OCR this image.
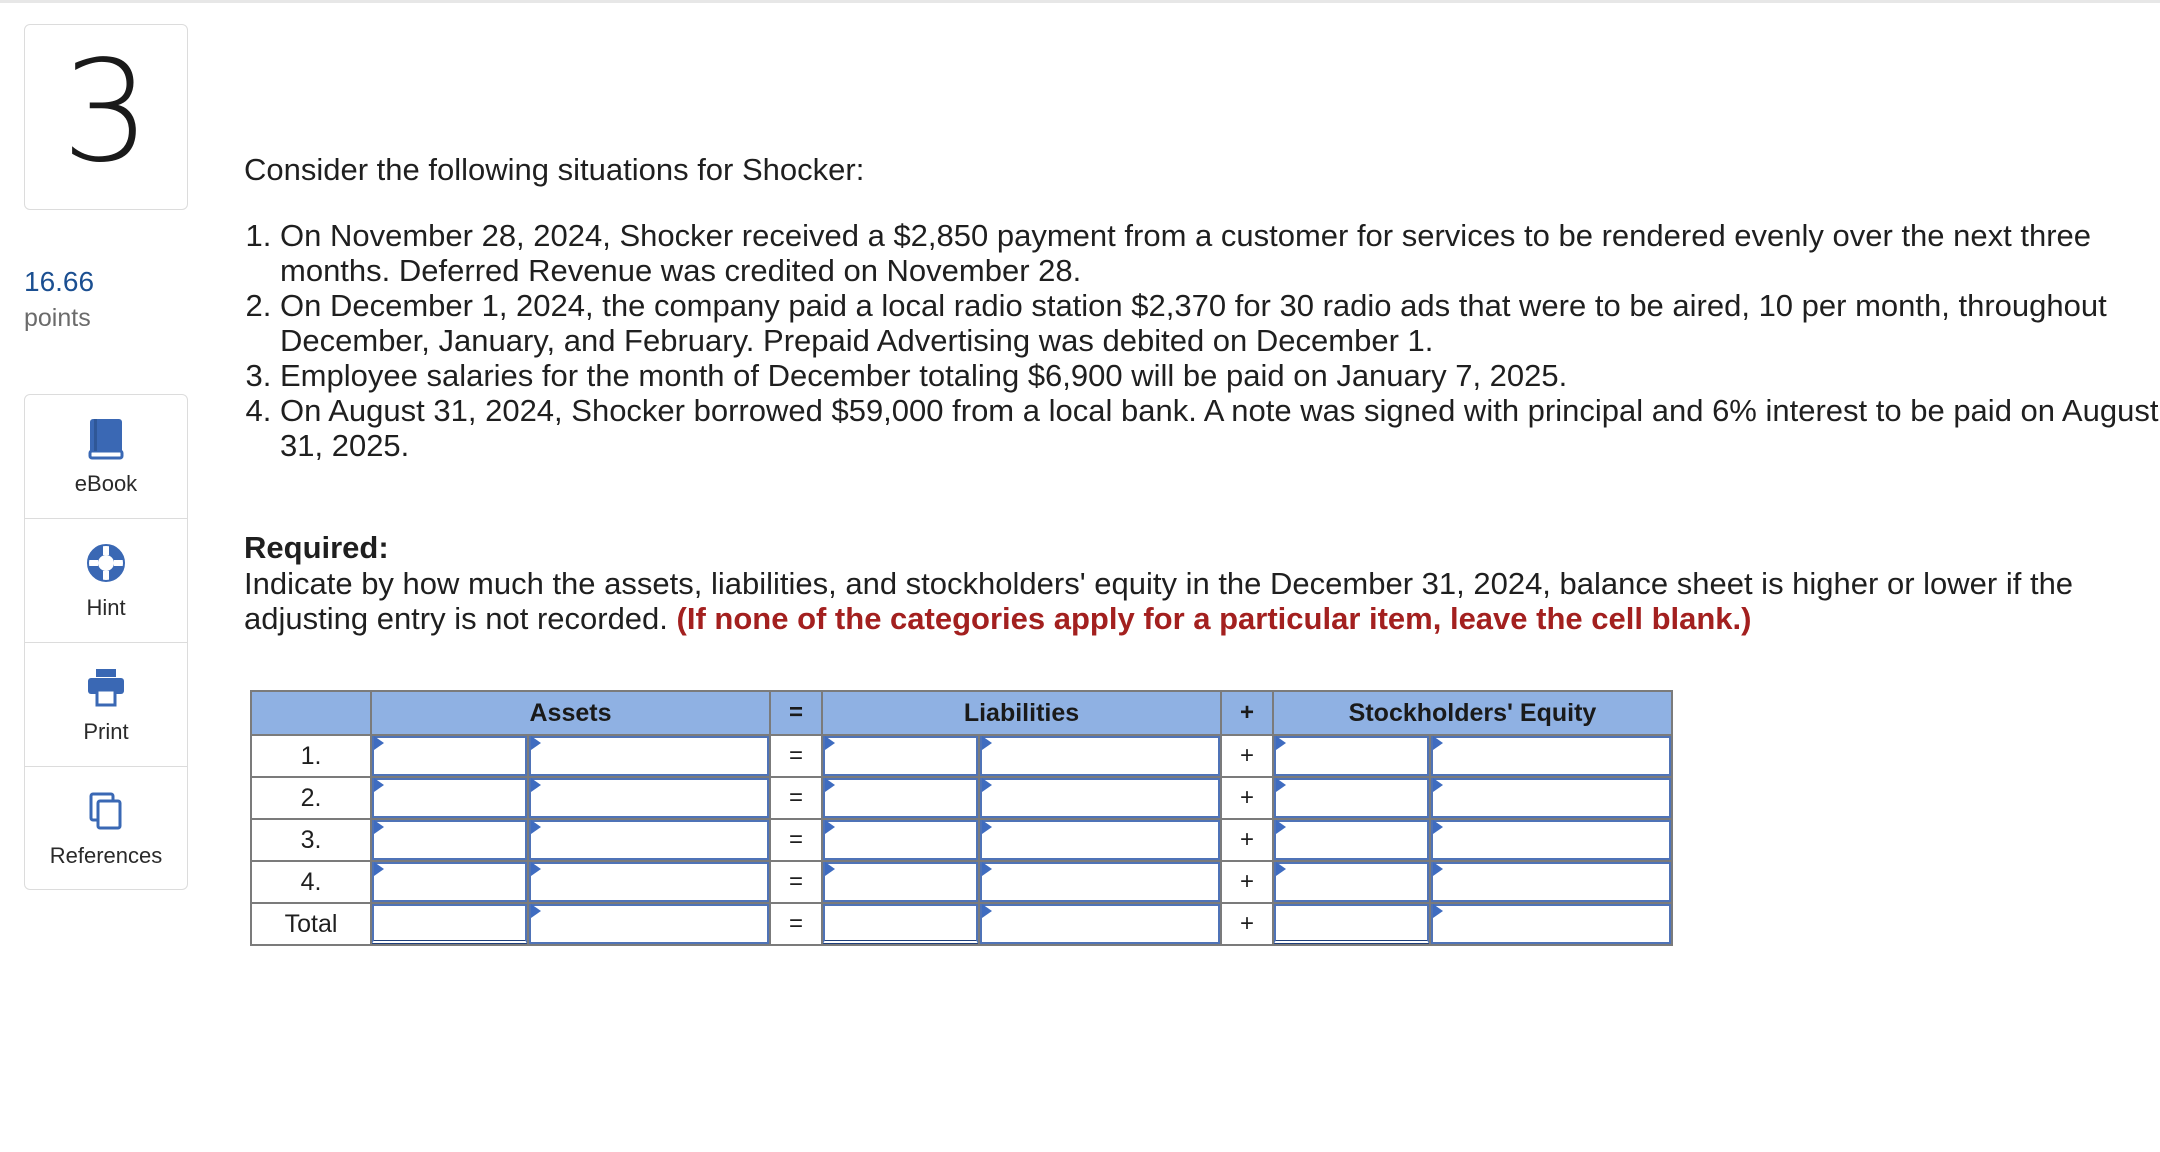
3
16.66
points
eBook
Hint
Print
References
Consider the following situations for Shocker:
1. On November 28, 2024, Shocker received a $2,850 payment from a customer for services to be rendered evenly over the next three months. Deferred Revenue was credited on November 28.
2. On December 1, 2024, the company paid a local radio station $2,370 for 30 radio ads that were to be aired, 10 per month, throughout December, January, and February. Prepaid Advertising was debited on December 1.
3. Employee salaries for the month of December totaling $6,900 will be paid on January 7, 2025.
4. On August 31, 2024, Shocker borrowed $59,000 from a local bank. A note was signed with principal and 6% interest to be paid on August 31, 2025.
Required:
Indicate by how much the assets, liabilities, and stockholders' equity in the December 31, 2024, balance sheet is higher or lower if the adjusting entry is not recorded. (If none of the categories apply for a particular item, leave the cell blank.)
	Assets		=	Liabilities		+	Stockholders' Equity	
1.			=			+	

2.			=			+	

3.			=			+	

4.			=			+	

Total			=			+		
